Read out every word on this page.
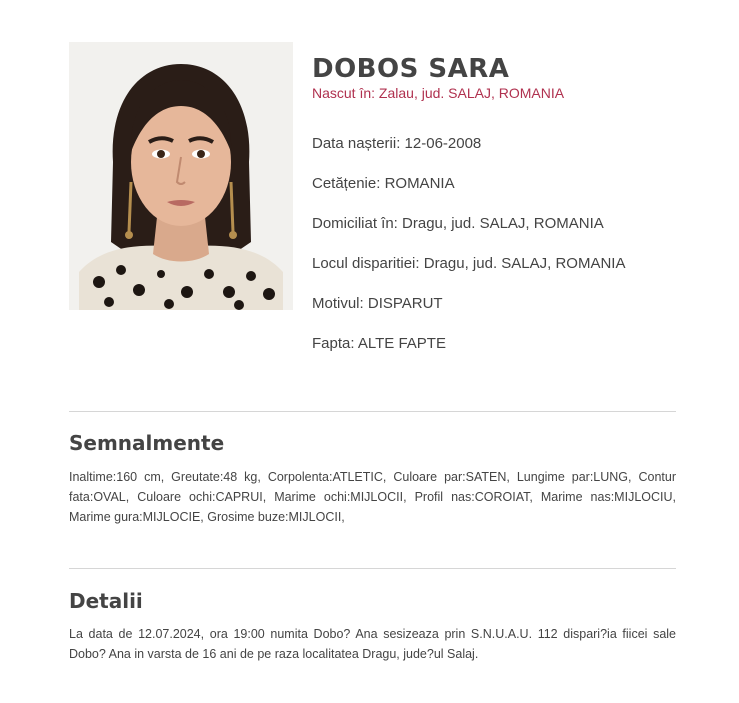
DOBOS SARA
Nascut în: Zalau, jud. SALAJ, ROMANIA
Data nașterii: 12-06-2008
Cetățenie: ROMANIA
Domiciliat în: Dragu, jud. SALAJ, ROMANIA
Locul disparitiei: Dragu, jud. SALAJ, ROMANIA
Motivul: DISPARUT
Fapta: ALTE FAPTE
Semnalmente
Inaltime:160 cm, Greutate:48 kg, Corpolenta:ATLETIC, Culoare par:SATEN, Lungime par:LUNG, Contur fata:OVAL, Culoare ochi:CAPRUI, Marime ochi:MIJLOCII, Profil nas:COROIAT, Marime nas:MIJLOCIU, Marime gura:MIJLOCIE, Grosime buze:MIJLOCII,
Detalii
La data de 12.07.2024, ora 19:00 numita Dobo? Ana sesizeaza prin S.N.U.A.U. 112 dispari?ia fiicei sale Dobo? Ana in varsta de 16 ani de pe raza localitatea Dragu, jude?ul Salaj.
